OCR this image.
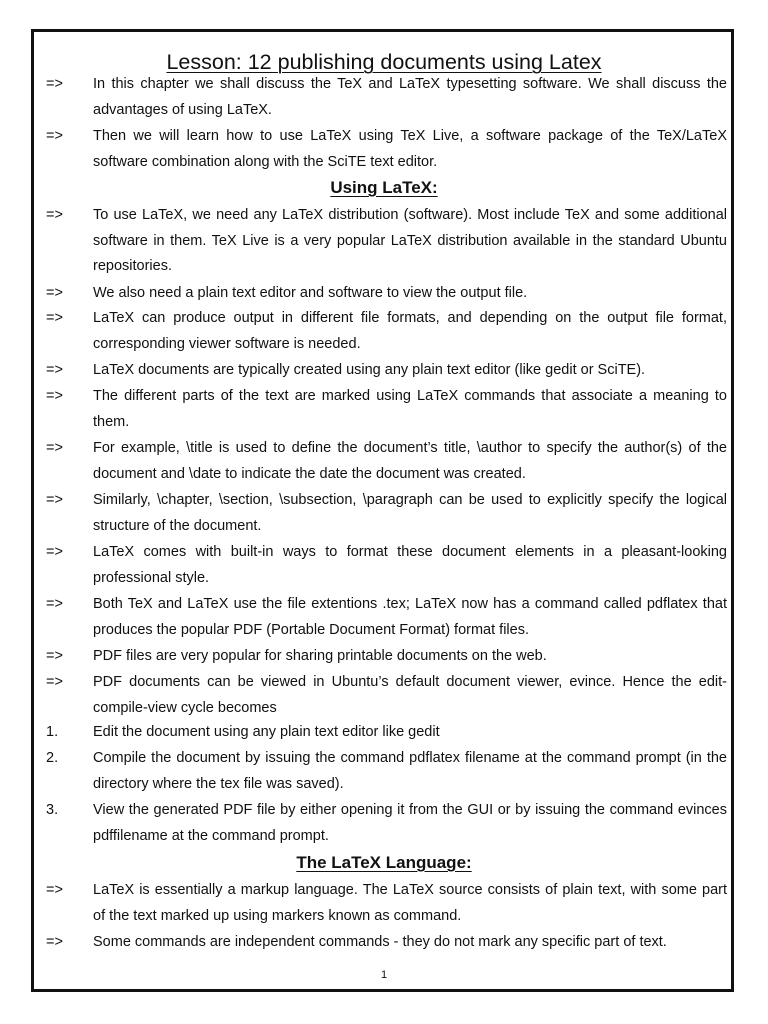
Lesson: 12 publishing documents using Latex
=> In this chapter we shall discuss the TeX and LaTeX typesetting software. We shall discuss the advantages of using LaTeX.
=> Then we will learn how to use LaTeX using TeX Live, a software package of the TeX/LaTeX software combination along with the SciTE text editor.
Using LaTeX:
=> To use LaTeX, we need any LaTeX distribution (software). Most include TeX and some additional software in them. TeX Live is a very popular LaTeX distribution available in the standard Ubuntu repositories.
=> We also need a plain text editor and software to view the output file.
=> LaTeX can produce output in different file formats, and depending on the output file format, corresponding viewer software is needed.
=> LaTeX documents are typically created using any plain text editor (like gedit or SciTE).
=> The different parts of the text are marked using LaTeX commands that associate a meaning to them.
=> For example, \title is used to define the document’s title, \author to specify the author(s) of the document and \date to indicate the date the document was created.
=> Similarly, \chapter, \section, \subsection, \paragraph can be used to explicitly specify the logical structure of the document.
=> LaTeX comes with built-in ways to format these document elements in a pleasant-looking professional style.
=> Both TeX and LaTeX use the file extentions .tex; LaTeX now has a command called pdflatex that produces the popular PDF (Portable Document Format) format files.
=> PDF files are very popular for sharing printable documents on the web.
=> PDF documents can be viewed in Ubuntu’s default document viewer, evince. Hence the edit-compile-view cycle becomes
1. Edit the document using any plain text editor like gedit
2. Compile the document by issuing the command pdflatex filename at the command prompt (in the directory where the tex file was saved).
3. View the generated PDF file by either opening it from the GUI or by issuing the command evinces pdffilename at the command prompt.
The LaTeX Language:
=> LaTeX is essentially a markup language. The LaTeX source consists of plain text, with some part of the text marked up using markers known as command.
=> Some commands are independent commands - they do not mark any specific part of text.
1
